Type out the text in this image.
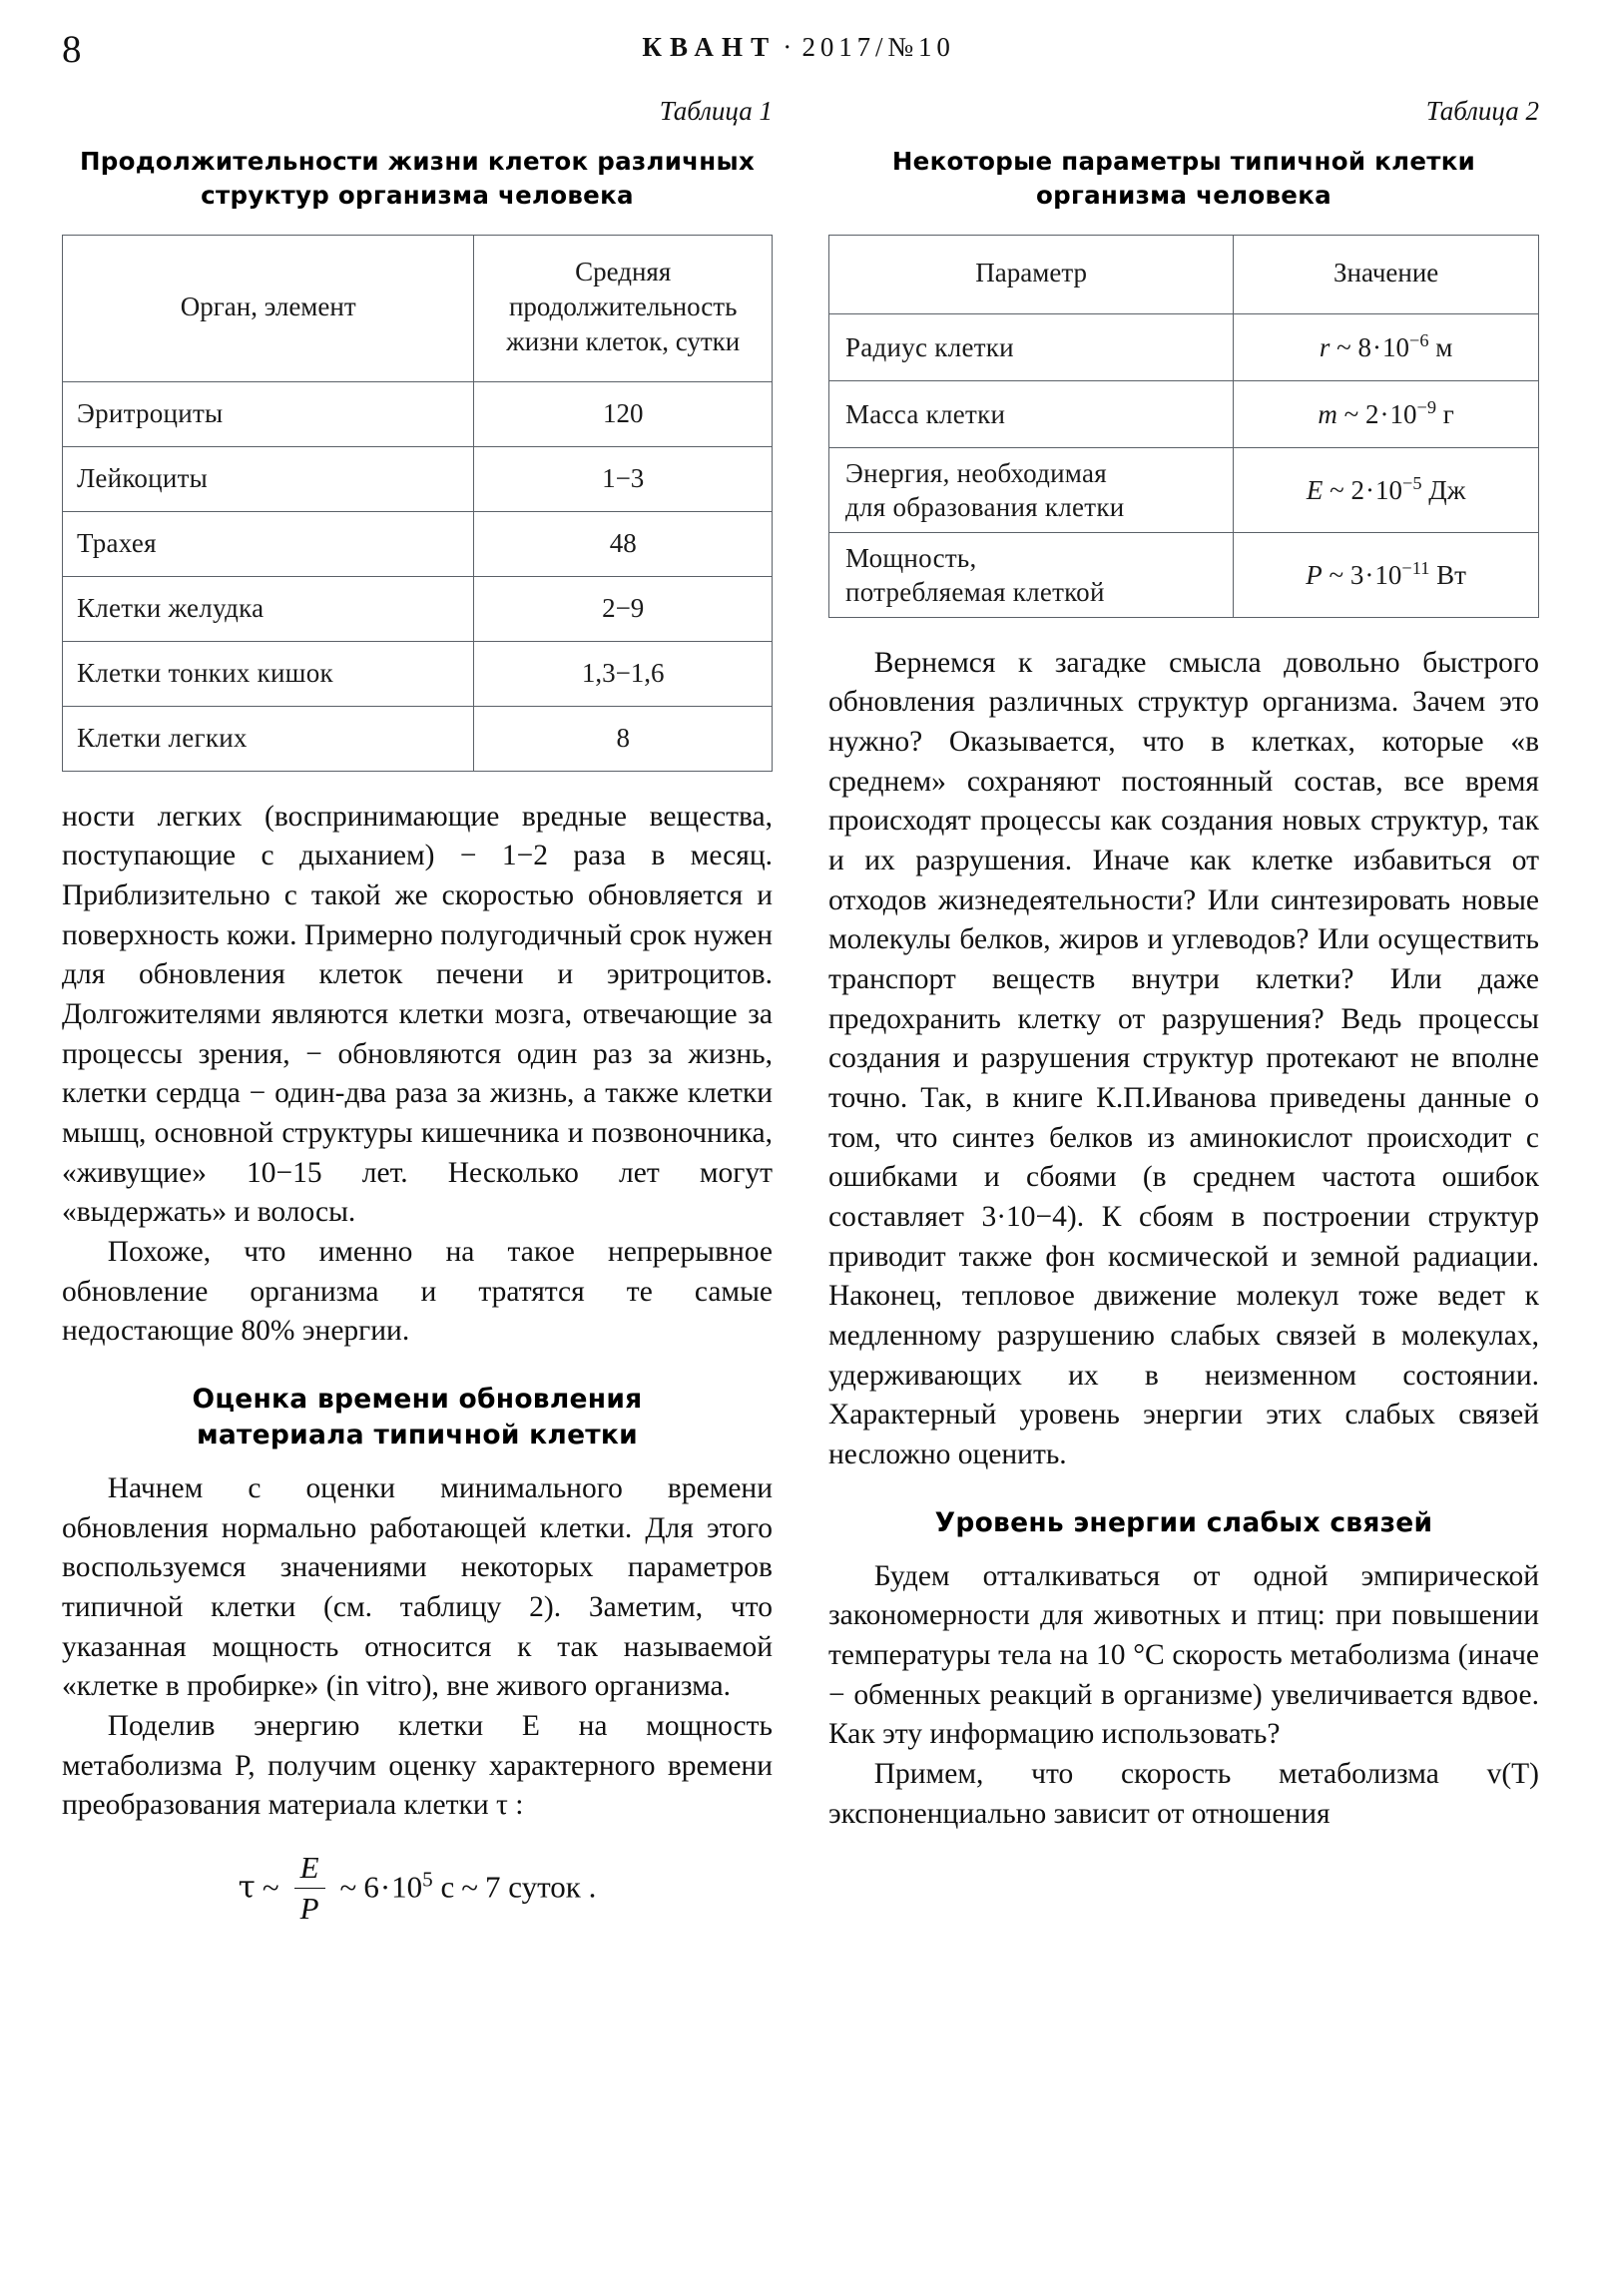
8	КВАНТ · 2017/№10
Таблица 1
Продолжительности жизни клеток различных
структур организма человека
Орган, элемент	Средняя
продолжительность
жизни клеток, сутки
Эритроциты	120
Лейкоциты	1−3
Трахея	48
Клетки желудка	2−9
Клетки тонких кишок	1,3−1,6
Клетки легких	8

ности легких (воспринимающие вредные вещества, поступающие с дыханием) − 1−2 раза в месяц. Приблизительно с такой же скоростью обновляется и поверхность кожи. Примерно полугодичный срок нужен для обновления клеток печени и эритроцитов. Долгожителями являются клетки мозга, отвечающие за процессы зрения, − обновляются один раз за жизнь, клетки сердца − один-два раза за жизнь, а также клетки мышц, основной структуры кишечника и позвоночника, «живущие» 10−15 лет. Несколько лет могут «выдержать» и волосы.

Похоже, что именно на такое непрерывное обновление организма и тратятся те самые недостающие 80% энергии.

Оценка времени обновления
материала типичной клетки

Начнем с оценки минимального времени обновления нормально работающей клетки. Для этого воспользуемся значениями некоторых параметров типичной клетки (см. таблицу 2). Заметим, что указанная мощность относится к так называемой «клетке в пробирке» (in vitro), вне живого организма.

Поделив энергию клетки E на мощность метаболизма P, получим оценку характерного времени преобразования материала клетки τ :

τ ~ $\frac{E}{P}$ ~ $6\cdot 10^5$ с ~ 7 суток .
Таблица 2
Некоторые параметры типичной клетки
организма человека
Параметр	Значение
Радиус клетки	r ~ $8\cdot 10^{-6}$ м
Масса клетки	m ~ $2\cdot 10^{-9}$ г
Энергия, необходимая
для образования клетки	E ~ $2\cdot 10^{-5}$ Дж
Мощность,
потребляемая клеткой	P ~ $3\cdot 10^{-11}$ Вт

Вернемся к загадке смысла довольно быстрого обновления различных структур организма. Зачем это нужно? Оказывается, что в клетках, которые «в среднем» сохраняют постоянный состав, все время происходят процессы как создания новых структур, так и их разрушения. Иначе как клетке избавиться от отходов жизнедеятельности? Или синтезировать новые молекулы белков, жиров и углеводов? Или осуществить транспорт веществ внутри клетки? Или даже предохранить клетку от разрушения? Ведь процессы создания и разрушения структур протекают не вполне точно. Так, в книге К.П.Иванова приведены данные о том, что синтез белков из аминокислот происходит с ошибками и сбоями (в среднем частота ошибок составляет 3·10−4). К сбоям в построении структур приводит также фон космической и земной радиации. Наконец, тепловое движение молекул тоже ведет к медленному разрушению слабых связей в молекулах, удерживающих их в неизменном состоянии. Характерный уровень энергии этих слабых связей несложно оценить.

Уровень энергии слабых связей

Будем отталкиваться от одной эмпирической закономерности для животных и птиц: при повышении температуры тела на 10 °C скорость метаболизма (иначе − обменных реакций в организме) увеличивается вдвое. Как эту информацию использовать?

Примем, что скорость метаболизма v(T) экспоненциально зависит от отношения
